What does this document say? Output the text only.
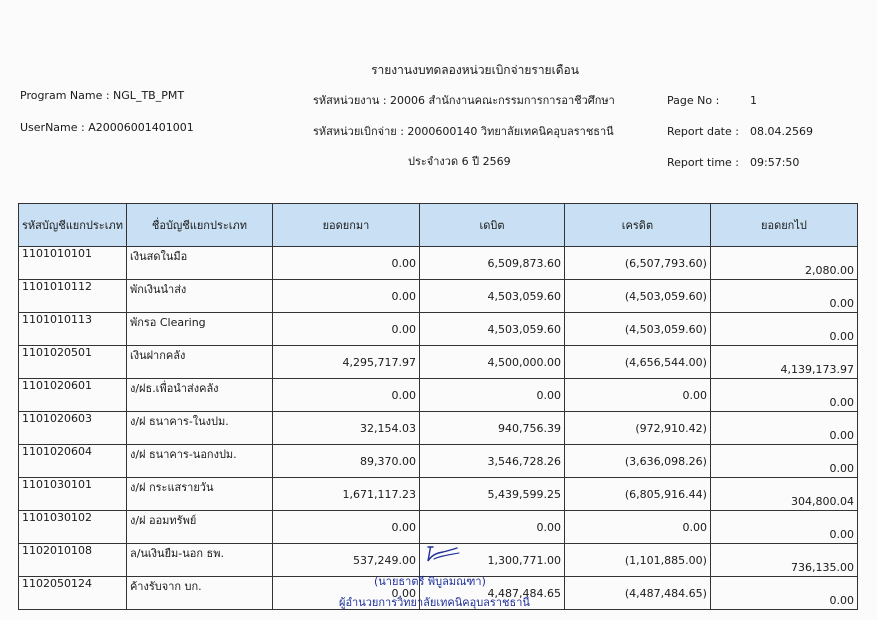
รายงานงบทดลองหน่วยเบิกจ่ายรายเดือน
Program Name : NGL_TB_PMT
UserName : A20006001401001
รหัสหน่วยงาน : 20006 สำนักงานคณะกรรมการการอาชีวศึกษา
รหัสหน่วยเบิกจ่าย : 2000600140 วิทยาลัยเทคนิคอุบลราชธานี
ประจำงวด 6 ปี 2569
Page No :	1
Report date : 08.04.2569
Report time : 09:57:50
รหัสบัญชีแยกประเภท	ชื่อบัญชีแยกประเภท	ยอดยกมา	เดบิต	เครดิต	ยอดยกไป
1101010101	เงินสดในมือ	0.00	6,509,873.60	(6,507,793.60)	2,080.00
1101010112	พักเงินนำส่ง	0.00	4,503,059.60	(4,503,059.60)	0.00
1101010113	พักรอ Clearing	0.00	4,503,059.60	(4,503,059.60)	0.00
1101020501	เงินฝากคลัง	4,295,717.97	4,500,000.00	(4,656,544.00)	4,139,173.97
1101020601	ง/ฝธ.เพื่อนำส่งคลัง	0.00	0.00	0.00	0.00
1101020603	ง/ฝ ธนาคาร-ในงปม.	32,154.03	940,756.39	(972,910.42)	0.00
1101020604	ง/ฝ ธนาคาร-นอกงปม.	89,370.00	3,546,728.26	(3,636,098.26)	0.00
1101030101	ง/ฝ กระแสรายวัน	1,671,117.23	5,439,599.25	(6,805,916.44)	304,800.04
1101030102	ง/ฝ ออมทรัพย์	0.00	0.00	0.00	0.00
1102010108	ล/นเงินยืม-นอก ธพ.	537,249.00	1,300,771.00	(1,101,885.00)	736,135.00
1102050124	ค้างรับจาก บก.	0.00	4,487,484.65	(4,487,484.65)	0.00
(นายธาตรี พิบูลมณฑา)
ผู้อำนวยการวิทยาลัยเทคนิคอุบลราชธานี
